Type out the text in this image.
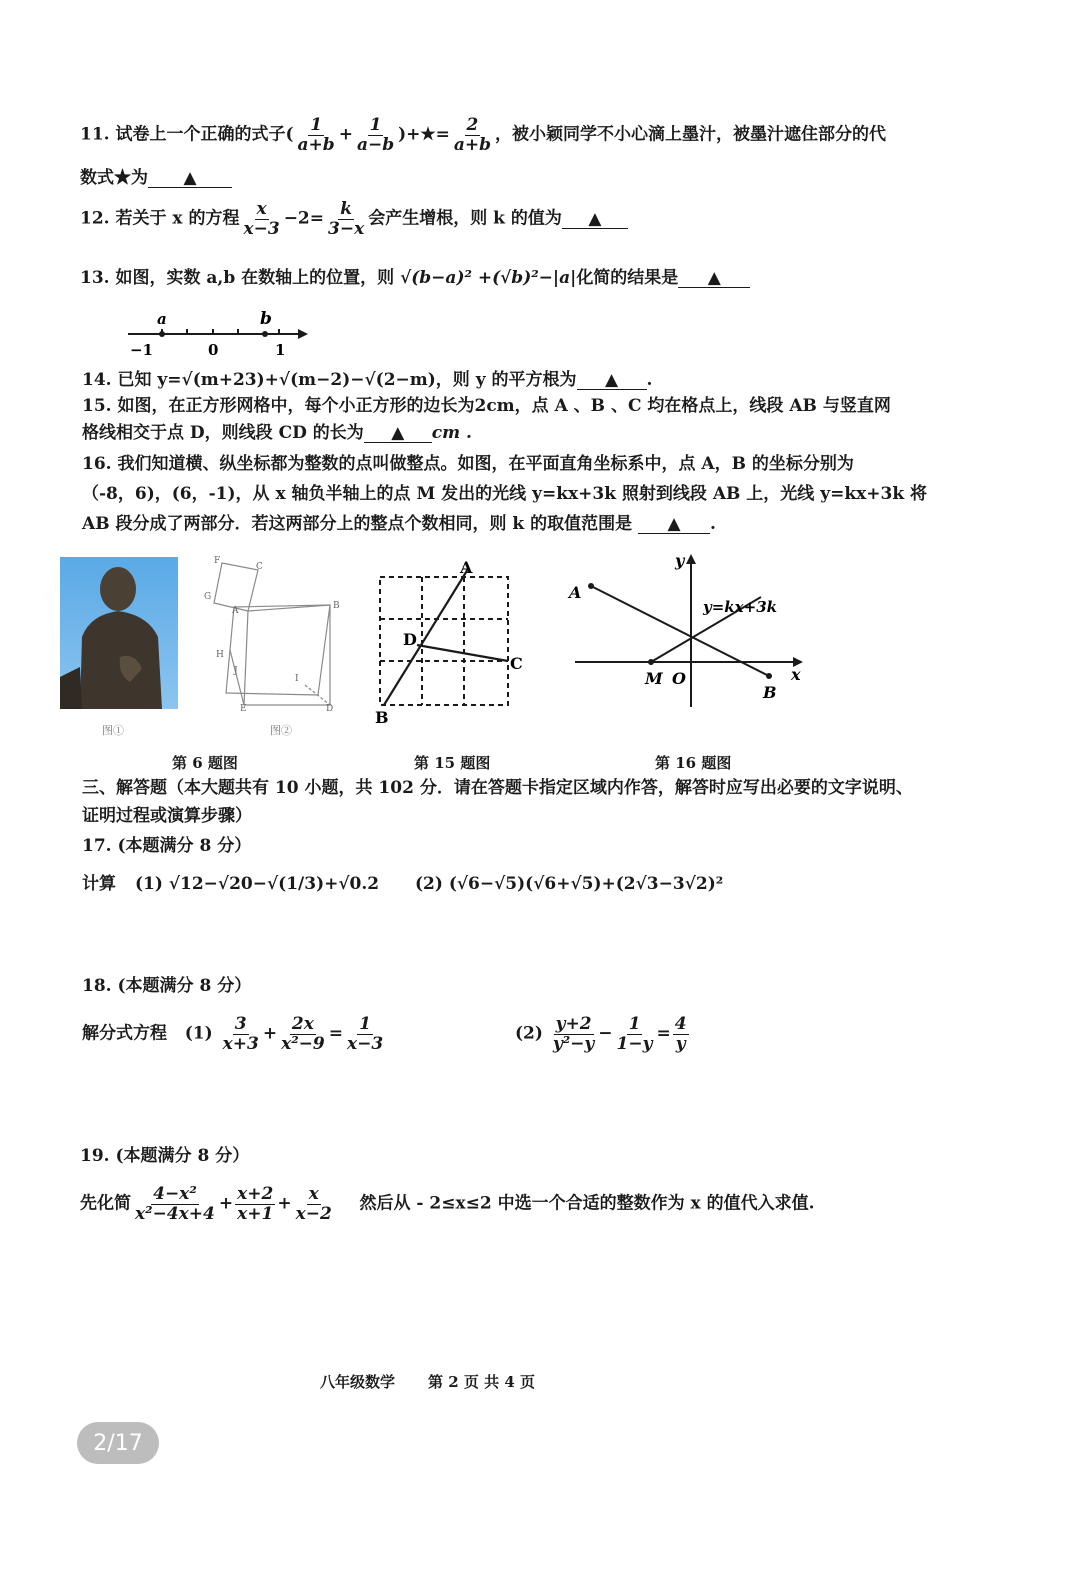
11. 试卷上一个正确的式子( $\frac{1}{a+b} + \frac{1}{a-b}$ )+★= $\frac{2}{a+b}$ ，被小颖同学不小心滴上墨汁，被墨汁遮住部分的代
数式★为 ▲
12. 若关于 x 的方程 $\frac{x}{x-3} -2= \frac{k}{3-x}$ 会产生增根，则 k 的值为 ▲
13. 如图，实数 a,b 在数轴上的位置，则 √(b−a)² +(√b)²−|a|化简的结果是 ▲
a	b
−1	0	1
14. 已知 y=√(m+23)+√(m−2)−√(2−m)，则 y 的平方根为 ▲ .
15. 如图，在正方形网格中，每个小正方形的边长为2cm，点 A 、B 、C 均在格点上，线段 AB 与竖直网
格线相交于点 D，则线段 CD 的长为 ▲ cm .
16. 我们知道横、纵坐标都为整数的点叫做整点。如图，在平面直角坐标系中，点 A，B 的坐标分别为
（-8，6)，(6，-1)，从 x 轴负半轴上的点 M 发出的光线 y=kx+3k 照射到线段 AB 上，光线 y=kx+3k 将
AB 段分成了两部分．若这两部分上的整点个数相同，则 k 的取值范围是 ▲ .
图①
F
C
G
A	B
H
J
I
E	D
图②
A
B
C
D
y
x
A
B
M O
y=kx+3k
第 6 题图	第 15 题图	第 16 题图
三、解答题（本大题共有 10 小题，共 102 分．请在答题卡指定区域内作答，解答时应写出必要的文字说明、
证明过程或演算步骤）
17. (本题满分 8 分）
计算 (1) √12−√20−√(1/3)+√0.2 (2) (√6−√5)(√6+√5)+(2√3−3√2)²
18. (本题满分 8 分）
解分式方程 $(1) \frac{3}{x+3} + \frac{2x}{\text{x²−9}} = \frac{1}{x-3}$	$(2) \frac{y+2}{\text{y²−y}} - \frac{1}{1-y} = \frac{4}{y}$
19. (本题满分 8 分）
先化简 $\frac{\text{4−x²}}{\text{x²−4x+4}} + \frac{x+2}{x+1} + \frac{x}{x-2}$ 然后从 - 2≤x≤2 中选一个合适的整数作为 x 的值代入求值.
八年级数学 第 2 页 共 4 页
2/17
